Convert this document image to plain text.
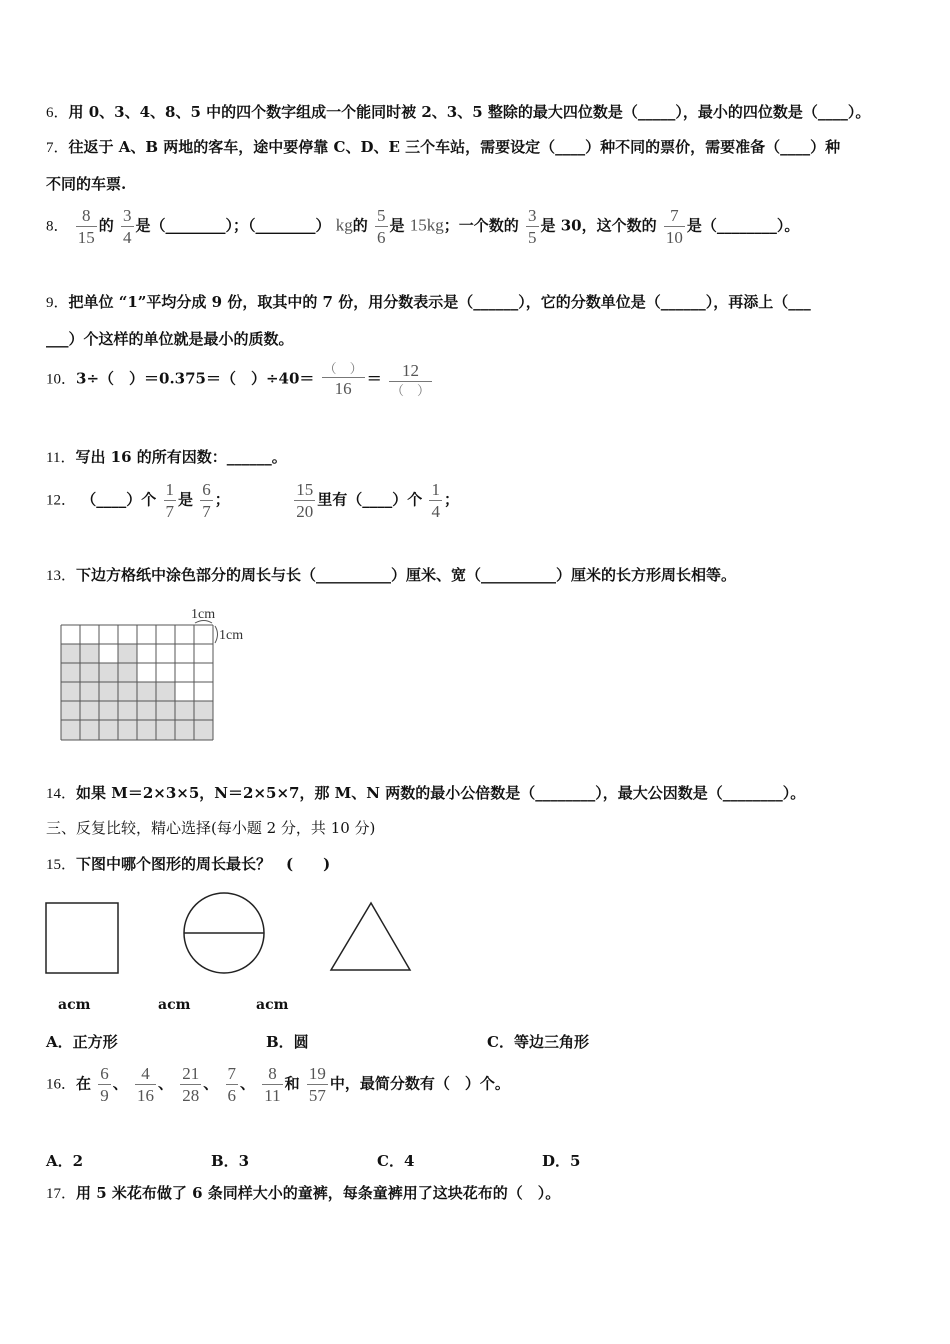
6．用 0、3、4、8、5 中的四个数字组成一个能同时被 2、3、5 整除的最大四位数是（_____），最小的四位数是（____）。
7．往返于 A、B 两地的客车，途中要停靠 C、D、E 三个车站，需要设定（____）种不同的票价，需要准备（____）种
不同的车票.
8． $\frac{8}{15}$ 的 $\frac{3}{4}$ 是（________）；（________） kg的 $\frac{5}{6}$ 是 15kg；一个数的 $\frac{3}{5}$ 是 30，这个数的 $\frac{7}{10}$ 是（________）。
9．把单位 “1”平均分成 9 份，取其中的 7 份，用分数表示是（______），它的分数单位是（______），再添上（___
___）个这样的单位就是最小的质数。
10．3÷（　）＝0.375＝（　）$\div 40= \frac{( )}{16} = \frac{12}{( )}$
11．写出 16 的所有因数：______。
12． （____）个 $\frac{1}{7}$ 是 $\frac{6}{7}$ ；	$\frac{15}{20}$ 里有（____）个 $\frac{1}{4}$ ；
13．下边方格纸中涂色部分的周长与长（__________）厘米、宽（__________）厘米的长方形周长相等。
1cm
1cm
14．如果 M＝2×3×5，N＝2×5×7，那 M、N 两数的最小公倍数是（________），最大公因数是（________）。
三、反复比较，精心选择(每小题 2 分，共 10 分)
15．下图中哪个图形的周长最长？　(　　)
acm	acm	acm
A．正方形	B．圆	C．等边三角形
16．在 $\frac{6}{9}$ 、 $\frac{4}{16}$ 、 $\frac{21}{28}$ 、 $\frac{7}{6}$ 、 $\frac{8}{11}$ 和 $\frac{19}{57}$ 中，最简分数有（　）个。
A．2	B．3	C．4	D．5
17．用 5 米花布做了 6 条同样大小的童裤，每条童裤用了这块花布的（　）。
